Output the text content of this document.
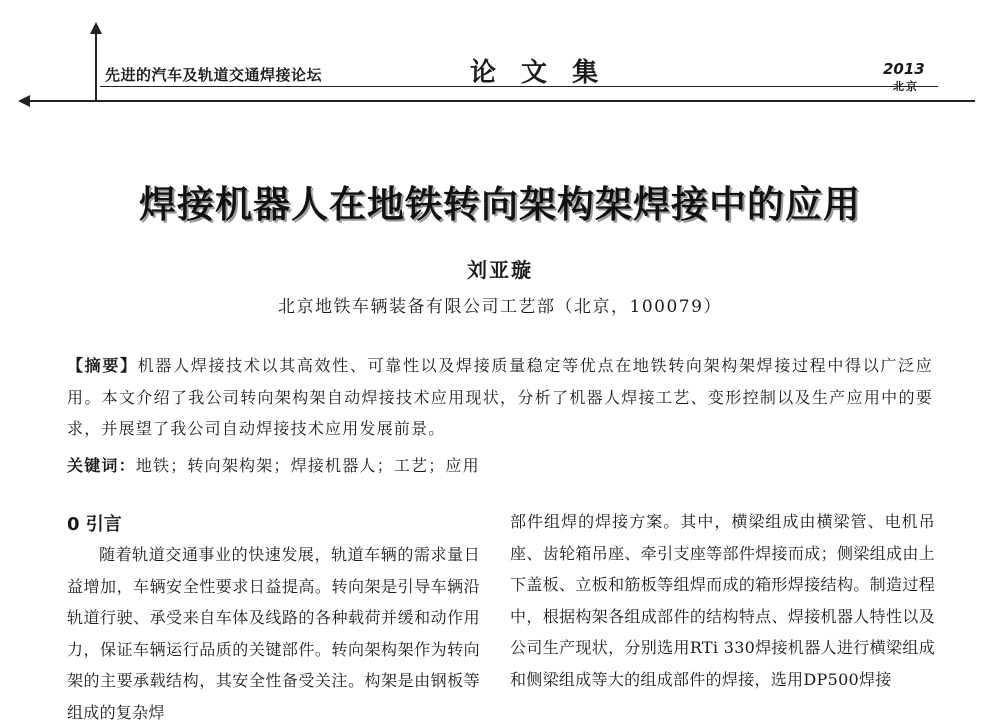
先进的汽车及轨道交通焊接论坛	论 文 集	2013
北京
焊接机器人在地铁转向架构架焊接中的应用
刘亚璇
北京地铁车辆装备有限公司工艺部（北京，100079）
【摘要】机器人焊接技术以其高效性、可靠性以及焊接质量稳定等优点在地铁转向架构架焊接过程中得以广泛应用。本文介绍了我公司转向架构架自动焊接技术应用现状，分析了机器人焊接工艺、变形控制以及生产应用中的要求，并展望了我公司自动焊接技术应用发展前景。
关键词：地铁；转向架构架；焊接机器人；工艺；应用
0 引言

随着轨道交通事业的快速发展，轨道车辆的需求量日益增加，车辆安全性要求日益提高。转向架是引导车辆沿轨道行驶、承受来自车体及线路的各种载荷并缓和动作用力，保证车辆运行品质的关键部件。转向架构架作为转向架的主要承载结构，其安全性备受关注。构架是由钢板等组成的复杂焊

部件组焊的焊接方案。其中，横梁组成由横梁管、电机吊座、齿轮箱吊座、牵引支座等部件焊接而成；侧梁组成由上下盖板、立板和筋板等组焊而成的箱形焊接结构。制造过程中，根据构架各组成部件的结构特点、焊接机器人特性以及公司生产现状，分别选用RTi 330焊接机器人进行横梁组成和侧梁组成等大的组成部件的焊接，选用DP500焊接
